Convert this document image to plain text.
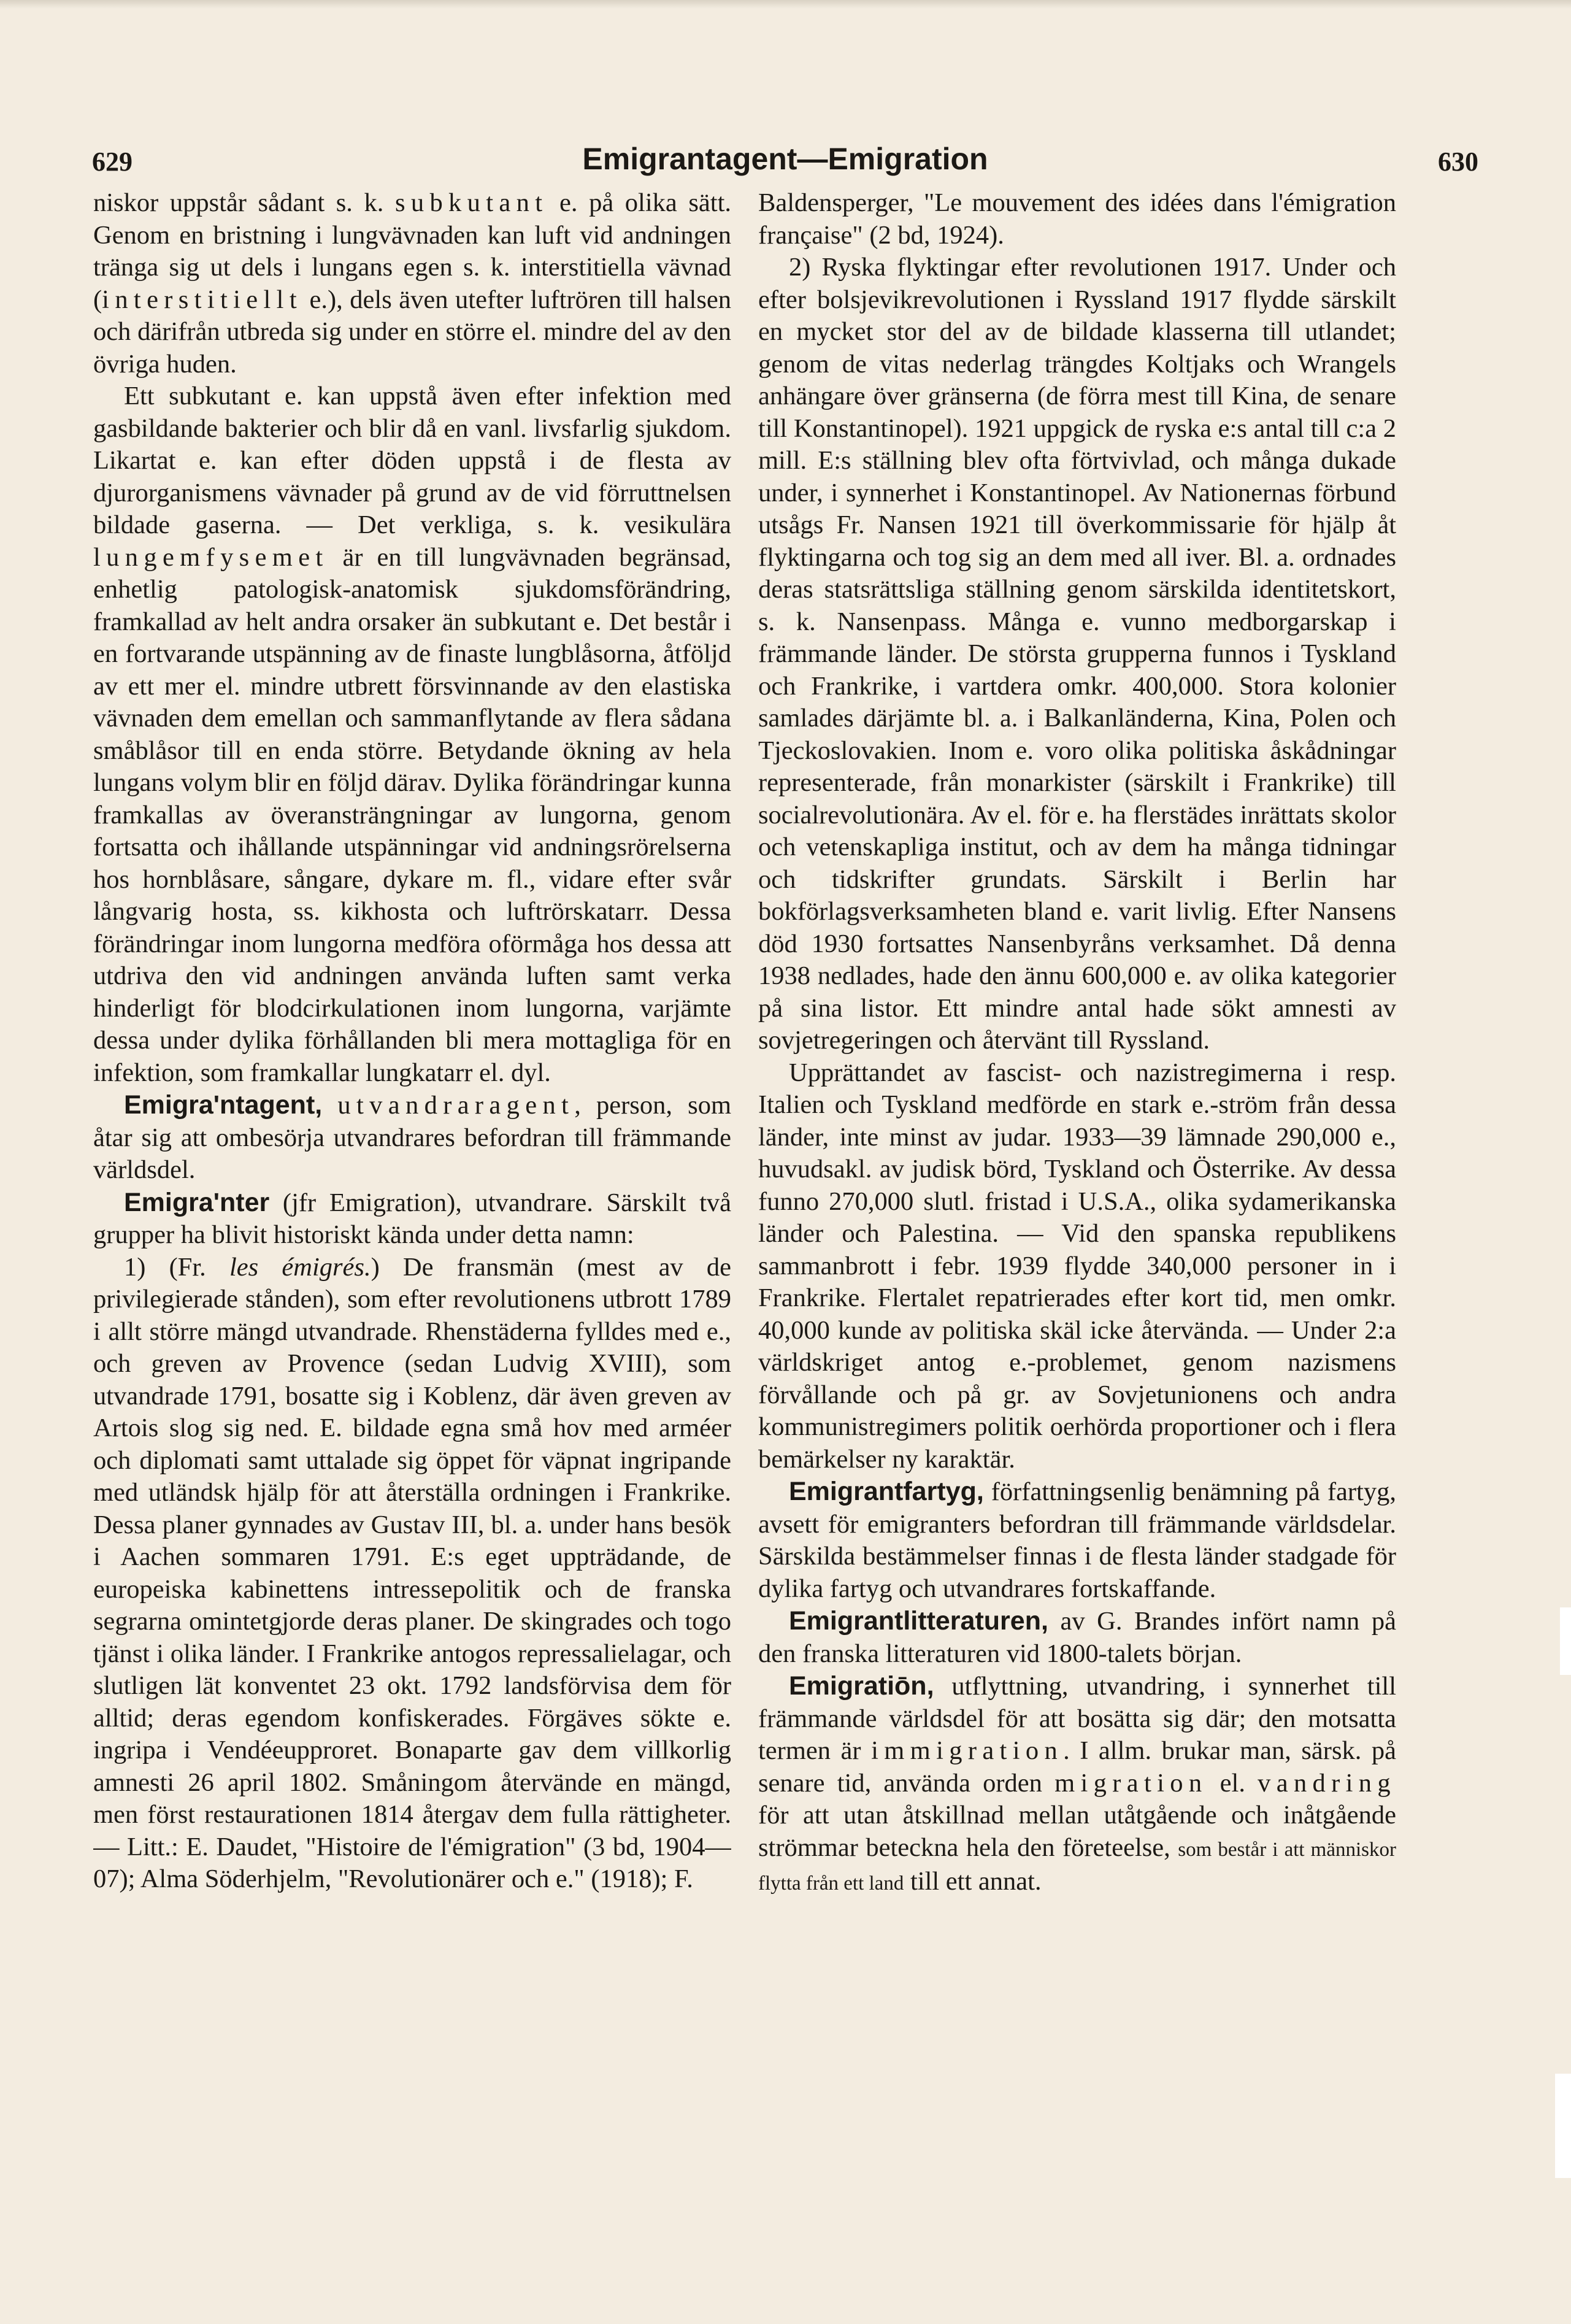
629	Emigrantagent—Emigration	630

niskor uppstår sådant s. k. subkutant e. på olika sätt. Genom en bristning i lungvävnaden kan luft vid andningen tränga sig ut dels i lungans egen s. k. interstitiella vävnad (interstitiellt e.), dels även utefter luftrören till halsen och därifrån utbreda sig under en större el. mindre del av den övriga huden.

Ett subkutant e. kan uppstå även efter infektion med gasbildande bakterier och blir då en vanl. livsfarlig sjukdom. Likartat e. kan efter döden uppstå i de flesta av djurorganismens vävnader på grund av de vid förruttnelsen bildade gaserna. — Det verkliga, s. k. vesikulära lungemfysemet är en till lungvävnaden begränsad, enhetlig patologisk-anatomisk sjukdomsförändring, framkallad av helt andra orsaker än subkutant e. Det består i en fortvarande utspänning av de finaste lungblåsorna, åtföljd av ett mer el. mindre utbrett försvinnande av den elastiska vävnaden dem emellan och sammanflytande av flera sådana småblåsor till en enda större. Betydande ökning av hela lungans volym blir en följd därav. Dylika förändringar kunna framkallas av överansträngningar av lungorna, genom fortsatta och ihållande utspänningar vid andningsrörelserna hos hornblåsare, sångare, dykare m. fl., vidare efter svår långvarig hosta, ss. kikhosta och luftrörskatarr. Dessa förändringar inom lungorna medföra oförmåga hos dessa att utdriva den vid andningen använda luften samt verka hinderligt för blodcirkulationen inom lungorna, varjämte dessa under dylika förhållanden bli mera mottagliga för en infektion, som framkallar lungkatarr el. dyl.

Emigra'ntagent, utvandraragent, person, som åtar sig att ombesörja utvandrares befordran till främmande världsdel.

Emigra'nter (jfr Emigration), utvandrare. Särskilt två grupper ha blivit historiskt kända under detta namn:

1) (Fr. les émigrés.) De fransmän (mest av de privilegierade stånden), som efter revolutionens utbrott 1789 i allt större mängd utvandrade. Rhenstäderna fylldes med e., och greven av Provence (sedan Ludvig XVIII), som utvandrade 1791, bosatte sig i Koblenz, där även greven av Artois slog sig ned. E. bildade egna små hov med arméer och diplomati samt uttalade sig öppet för väpnat ingripande med utländsk hjälp för att återställa ordningen i Frankrike. Dessa planer gynnades av Gustav III, bl. a. under hans besök i Aachen sommaren 1791. E:s eget uppträdande, de europeiska kabinettens intressepolitik och de franska segrarna omintetgjorde deras planer. De skingrades och togo tjänst i olika länder. I Frankrike antogos repressalielagar, och slutligen lät konventet 23 okt. 1792 landsförvisa dem för alltid; deras egendom konfiskerades. Förgäves sökte e. ingripa i Vendéeupproret. Bonaparte gav dem villkorlig amnesti 26 april 1802. Småningom återvände en mängd, men först restaurationen 1814 återgav dem fulla rättigheter. — Litt.: E. Daudet, "Histoire de l'émigration" (3 bd, 1904—07); Alma Söderhjelm, "Revolutionärer och e." (1918); F.

Baldensperger, "Le mouvement des idées dans l'émigration française" (2 bd, 1924).

2) Ryska flyktingar efter revolutionen 1917. Under och efter bolsjevikrevolutionen i Ryssland 1917 flydde särskilt en mycket stor del av de bildade klasserna till utlandet; genom de vitas nederlag trängdes Koltjaks och Wrangels anhängare över gränserna (de förra mest till Kina, de senare till Konstantinopel). 1921 uppgick de ryska e:s antal till c:a 2 mill. E:s ställning blev ofta förtvivlad, och många dukade under, i synnerhet i Konstantinopel. Av Nationernas förbund utsågs Fr. Nansen 1921 till överkommissarie för hjälp åt flyktingarna och tog sig an dem med all iver. Bl. a. ordnades deras statsrättsliga ställning genom särskilda identitetskort, s. k. Nansenpass. Många e. vunno medborgarskap i främmande länder. De största grupperna funnos i Tyskland och Frankrike, i vartdera omkr. 400,000. Stora kolonier samlades därjämte bl. a. i Balkanländerna, Kina, Polen och Tjeckoslovakien. Inom e. voro olika politiska åskådningar representerade, från monarkister (särskilt i Frankrike) till socialrevolutionära. Av el. för e. ha flerstädes inrättats skolor och vetenskapliga institut, och av dem ha många tidningar och tidskrifter grundats. Särskilt i Berlin har bokförlagsverksamheten bland e. varit livlig. Efter Nansens död 1930 fortsattes Nansenbyråns verksamhet. Då denna 1938 nedlades, hade den ännu 600,000 e. av olika kategorier på sina listor. Ett mindre antal hade sökt amnesti av sovjetregeringen och återvänt till Ryssland.

Upprättandet av fascist- och nazistregimerna i resp. Italien och Tyskland medförde en stark e.-ström från dessa länder, inte minst av judar. 1933—39 lämnade 290,000 e., huvudsakl. av judisk börd, Tyskland och Österrike. Av dessa funno 270,000 slutl. fristad i U.S.A., olika sydamerikanska länder och Palestina. — Vid den spanska republikens sammanbrott i febr. 1939 flydde 340,000 personer in i Frankrike. Flertalet repatrierades efter kort tid, men omkr. 40,000 kunde av politiska skäl icke återvända. — Under 2:a världskriget antog e.-problemet, genom nazismens förvållande och på gr. av Sovjetunionens och andra kommunistregimers politik oerhörda proportioner och i flera bemärkelser ny karaktär.

Emigrantfartyg, författningsenlig benämning på fartyg, avsett för emigranters befordran till främmande världsdelar. Särskilda bestämmelser finnas i de flesta länder stadgade för dylika fartyg och utvandrares fortskaffande.

Emigrantlitteraturen, av G. Brandes infört namn på den franska litteraturen vid 1800-talets början.

Emigratiōn, utflyttning, utvandring, i synnerhet till främmande världsdel för att bosätta sig där; den motsatta termen är immigration. I allm. brukar man, särsk. på senare tid, använda orden migration el. vandring för att utan åtskillnad mellan utåtgående och inåtgående strömmar beteckna hela den företeelse, som består i att människor flytta från ett land till ett annat.
